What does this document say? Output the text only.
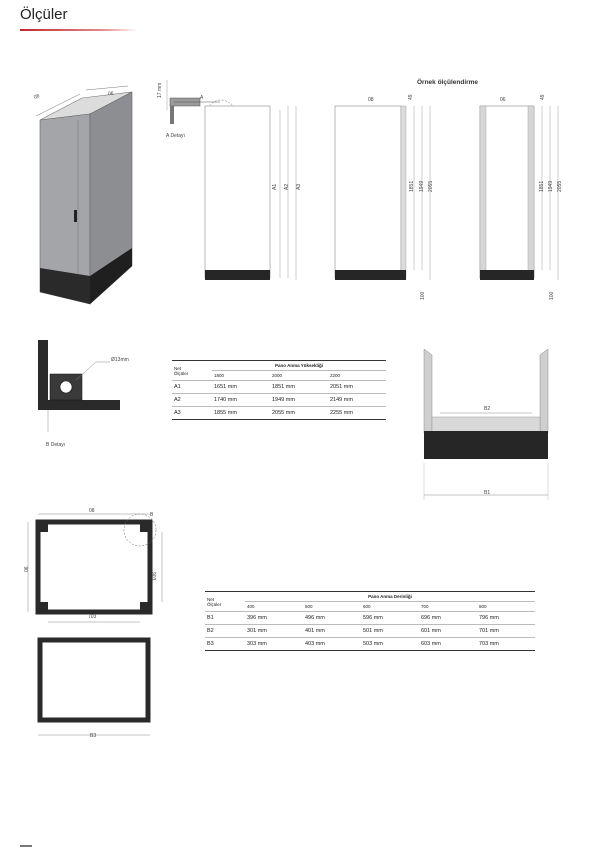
Ölçüler
08	06	17 mm	A
A Detayı
A1 A2 A3
Örnek ölçülendirme
08	49
1851 1949 2055
100
06	49
1851 1949 2055
100
Ø13mm
B Detayı
Net
Ölçüler	Pano Anma Yüksekliği		
	1800	2000	2200
A1	1651 mm	1851 mm	2051 mm
A2	1740 mm	1949 mm	2149 mm
A3	1855 mm	2055 mm	2255 mm
B2
B1
08
06
B
903
703
B3
Net
Ölçüler	Pano Anma Derinliği				
	400	500	600	700	800
B1	396 mm	496 mm	596 mm	696 mm	796 mm
B2	301 mm	401 mm	501 mm	601 mm	701 mm
B3	303 mm	403 mm	503 mm	603 mm	703 mm
